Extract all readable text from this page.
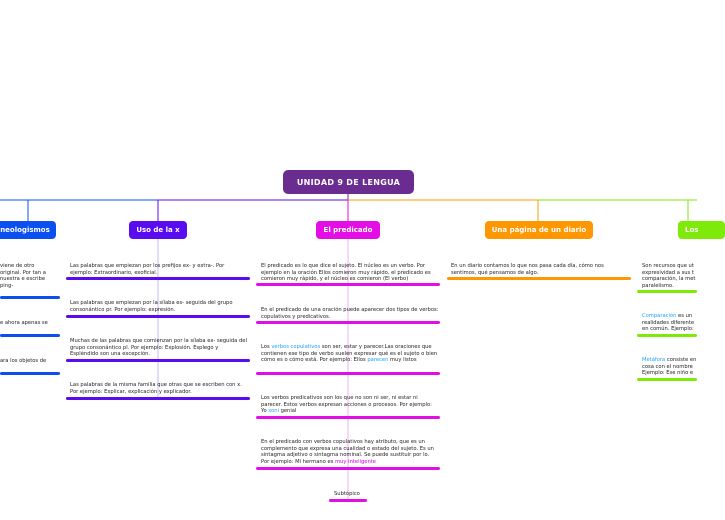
UNIDAD 9 DE LENGUA
neologismos
viene de otro original. Por tan a nuestra e escribe ping-
e ahora apenas se
ara los objetos de
Uso de la x
Las palabras que empiezan por los prefijos ex- y extra-. Por ejemplo: Extraordinario, exoficial.
Las palabras que empiezan por la sílaba es- seguida del grupo consonántico pr. Por ejemplo: expresión.
Muchas de las palabras que comienzan por la sílaba ex- seguida del grupo consonántico pl. Por ejemplo: Explosión. Esplego y Espléndido son una excepción.
Las palabras de la misma familia que otras que se escriben con x. Por ejemplo: Explicar, explicación y explicador.
El predicado
El predicado es lo que dice el sujeto. El núcleo es un verbo. Por ejemplo en la oración Ellos comieron muy rápido, el predicado es comieron muy rápido, y el núcleo es comieron (El verbo)
En el predicado de una oración puede aparecer dos tipos de verbos: copulativos y predicativos.
Los verbos copulativos son ser, estar y parecer.Las oraciones que contienen ese tipo de verbo suelen expresar qué es el sujeto o bien cómo es o cómo está. Por ejemplo: Ellos parecen muy listos
Los verbos predicativos son los que no son ni ser, ni estar ni parecer. Estos verbos expresan acciones o procesos. Por ejemplo: Yo soni genial
En el predicado con verbos copulativos hay atributo, que es un complemento que expresa una cualidad o estado del sujeto. Es un sintagma adjetivo o sintagma nominal. Se puede sustituir por lo. Por ejemplo: Mi hermano es muy inteligente
Subtópico
Una página de un diario
En un diario contamos lo que nos pasa cada día, cómo nos sentimos, qué pensamos de algo.
Los
Son recursos que ut expresividad a sus t comparación, la met paralelismo.
Comparación es un realidades diferente en común. Ejemplo:
Metáfora consiste en cosa con el nombre Ejemplo: Ese niño e
